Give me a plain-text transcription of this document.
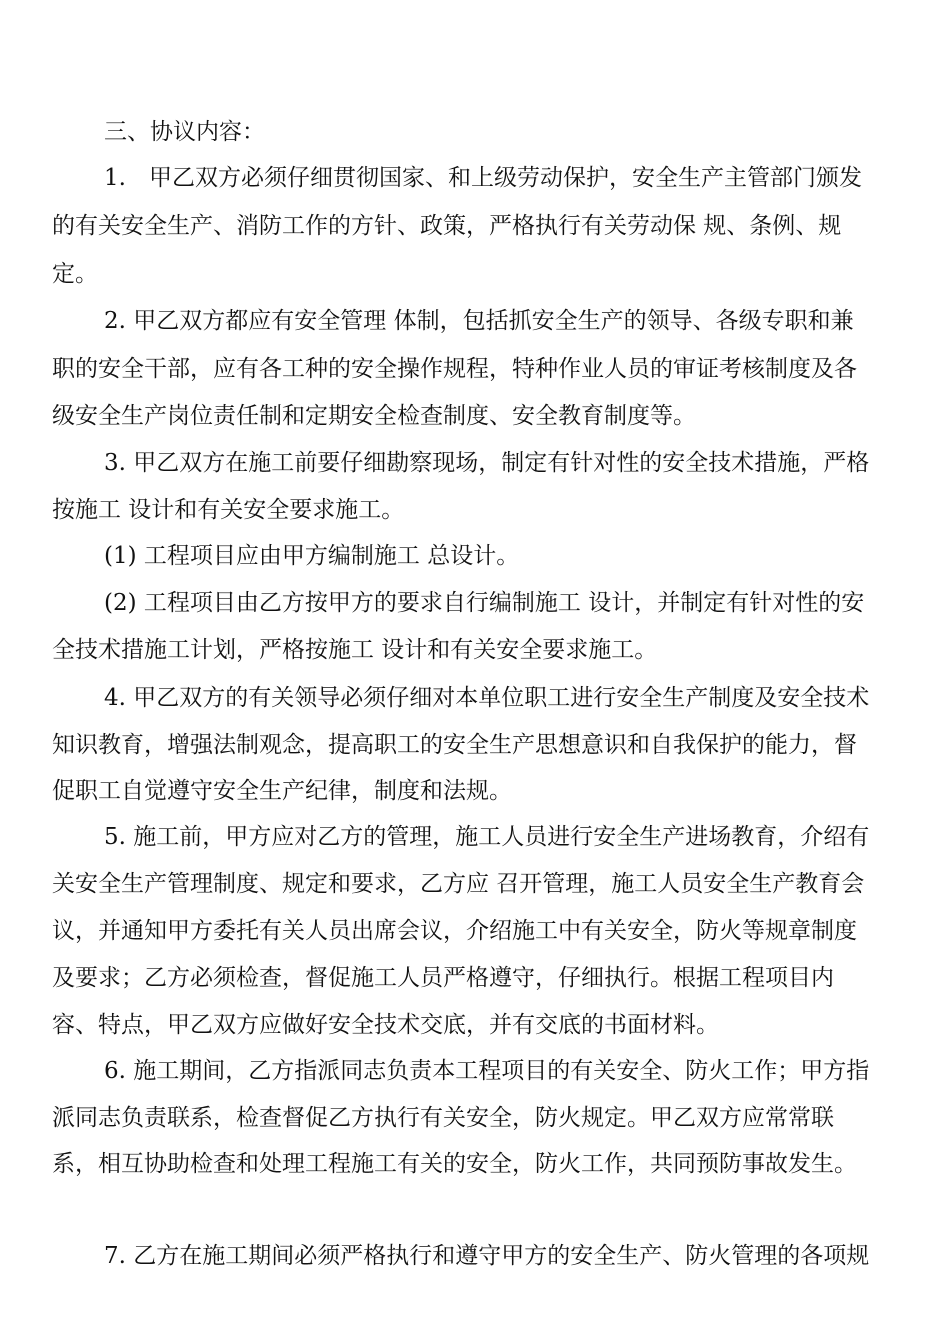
三、协议内容：
1.　甲乙双方必须仔细贯彻国家、和上级劳动保护，安全生产主管部门颁发
的有关安全生产、消防工作的方针、政策，严格执行有关劳动保 规、条例、规
定。
2. 甲乙双方都应有安全管理 体制，包括抓安全生产的领导、各级专职和兼
职的安全干部，应有各工种的安全操作规程，特种作业人员的审证考核制度及各
级安全生产岗位责任制和定期安全检查制度、安全教育制度等。
3. 甲乙双方在施工前要仔细勘察现场，制定有针对性的安全技术措施，严格
按施工 设计和有关安全要求施工。
(1) 工程项目应由甲方编制施工 总设计。
(2) 工程项目由乙方按甲方的要求自行编制施工 设计，并制定有针对性的安
全技术措施工计划，严格按施工 设计和有关安全要求施工。
4. 甲乙双方的有关领导必须仔细对本单位职工进行安全生产制度及安全技术
知识教育，增强法制观念，提高职工的安全生产思想意识和自我保护的能力，督
促职工自觉遵守安全生产纪律，制度和法规。
5. 施工前，甲方应对乙方的管理，施工人员进行安全生产进场教育，介绍有
关安全生产管理制度、规定和要求，乙方应 召开管理，施工人员安全生产教育会
议，并通知甲方委托有关人员出席会议，介绍施工中有关安全，防火等规章制度
及要求；乙方必须检查，督促施工人员严格遵守，仔细执行。根据工程项目内
容、特点，甲乙双方应做好安全技术交底，并有交底的书面材料。
6. 施工期间，乙方指派同志负责本工程项目的有关安全、防火工作；甲方指
派同志负责联系，检查督促乙方执行有关安全，防火规定。甲乙双方应常常联
系，相互协助检查和处理工程施工有关的安全，防火工作，共同预防事故发生。
7. 乙方在施工期间必须严格执行和遵守甲方的安全生产、防火管理的各项规
